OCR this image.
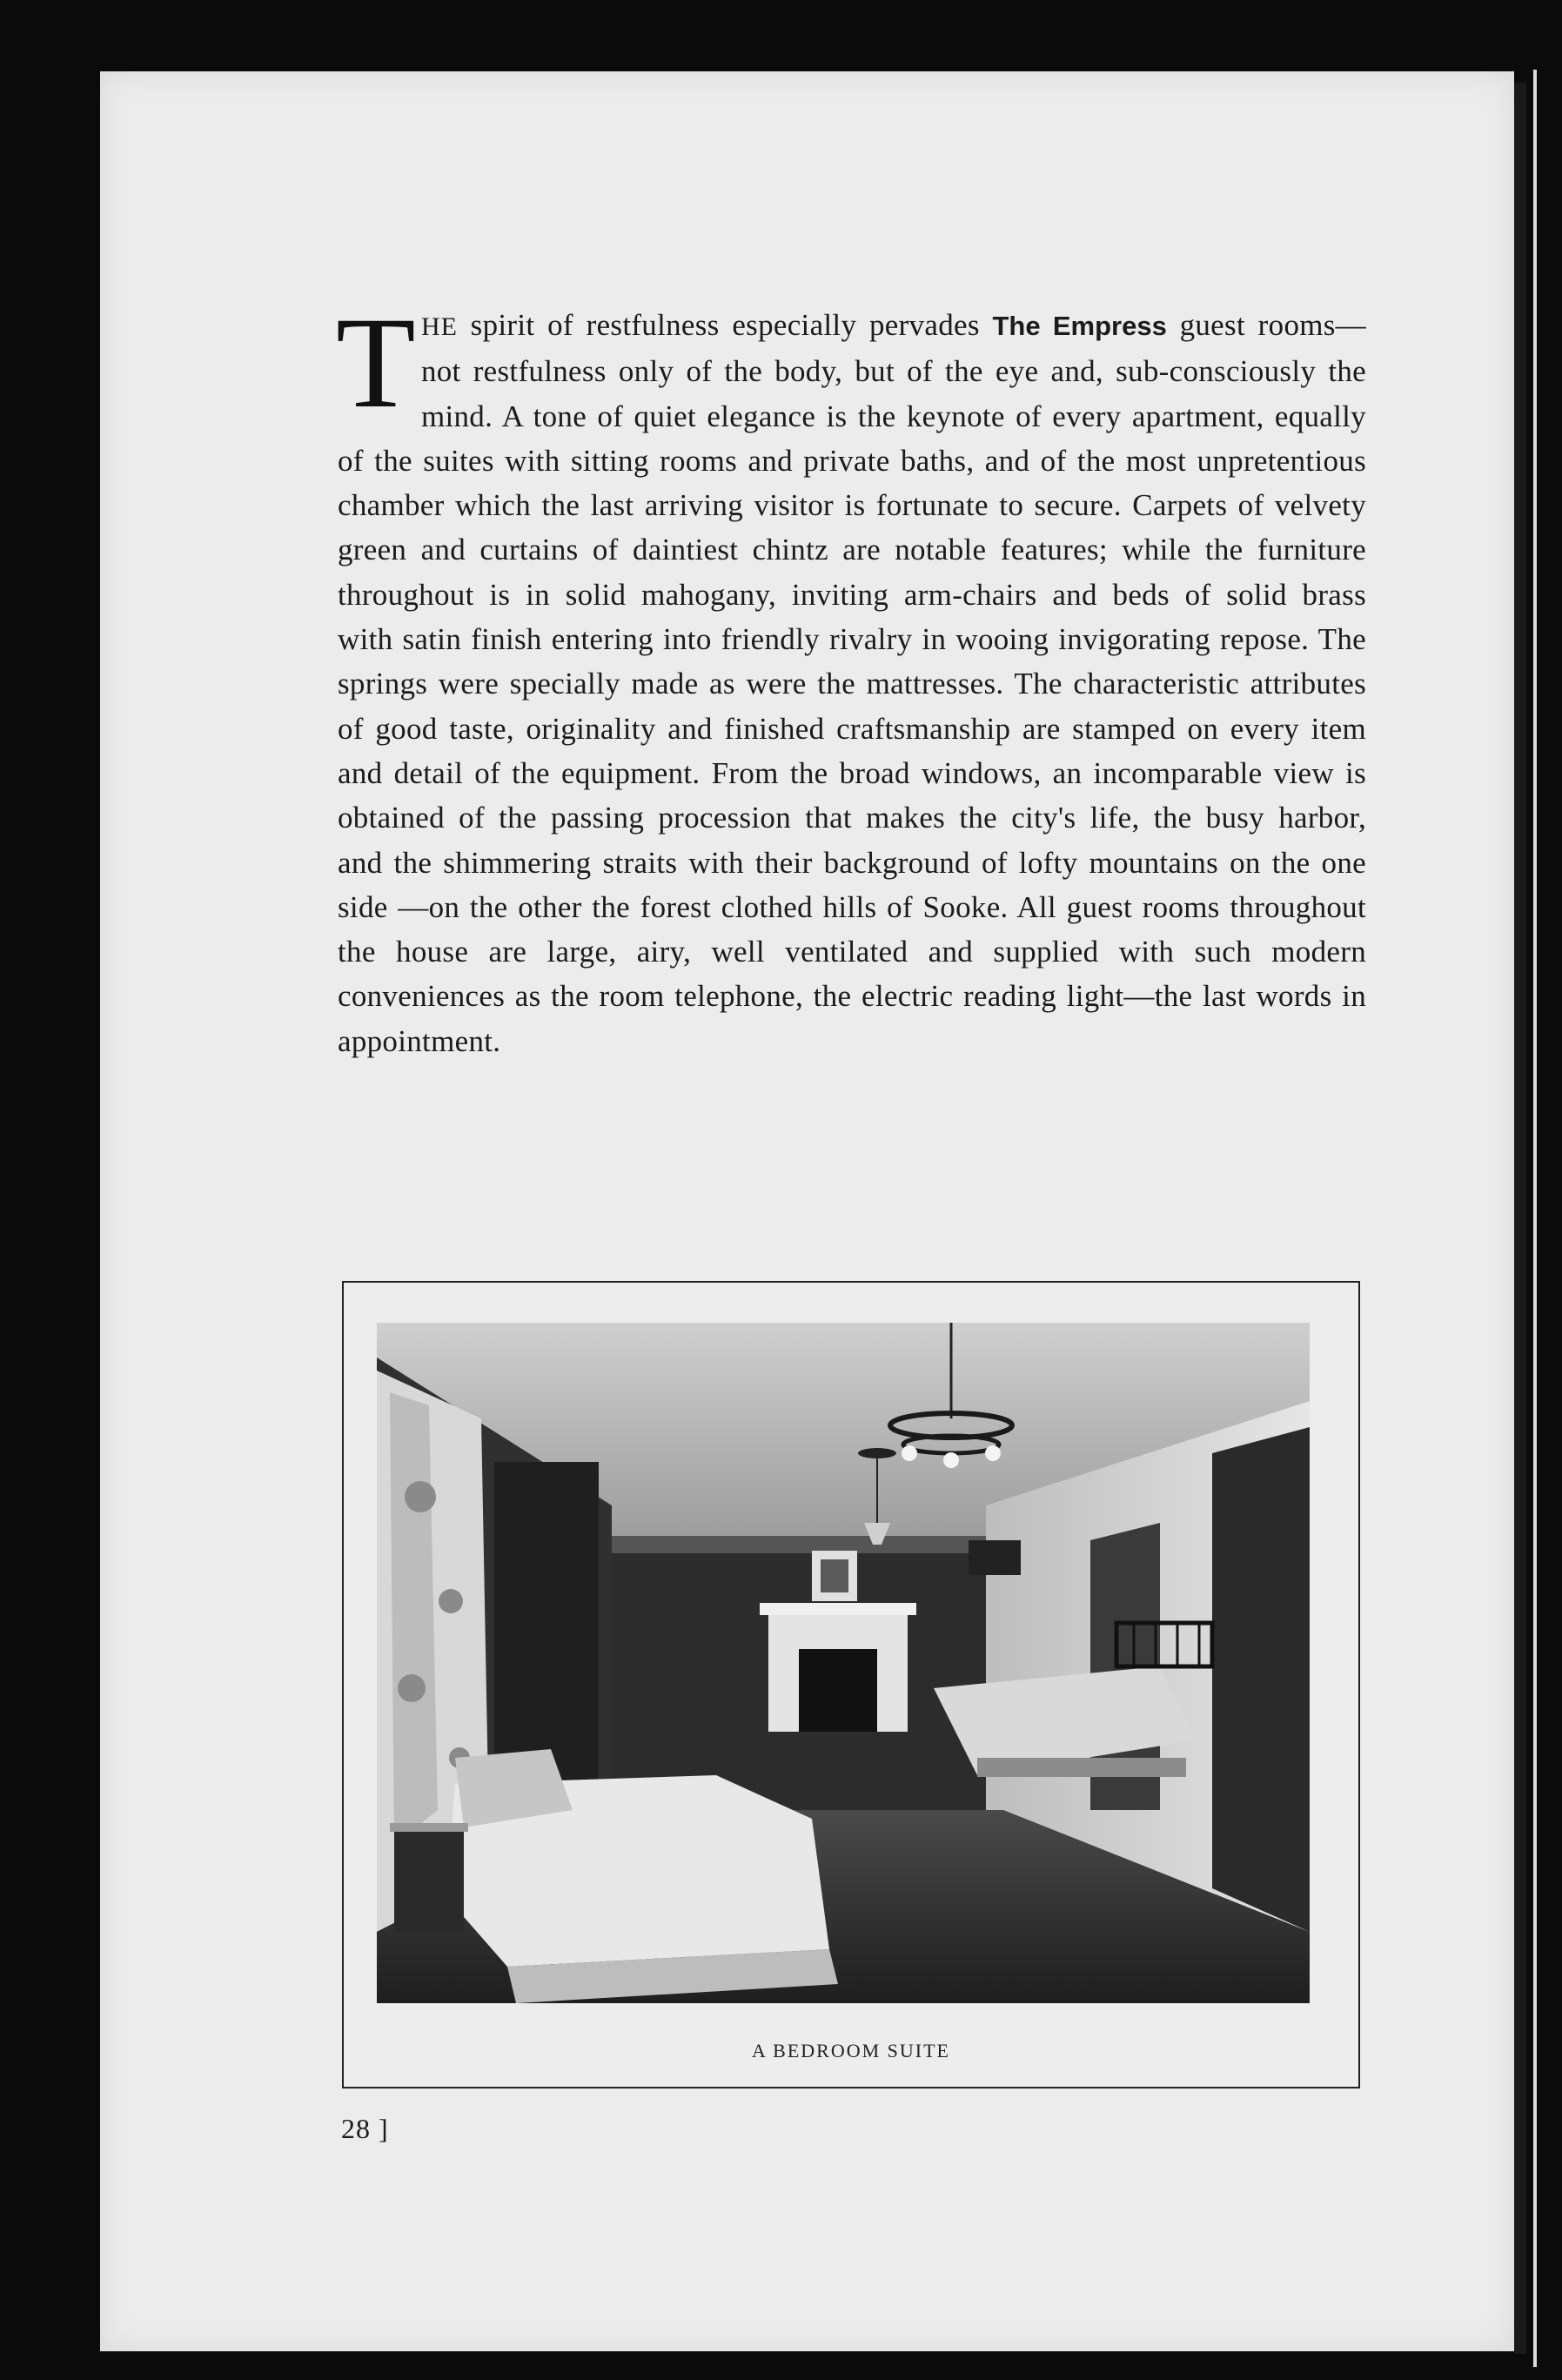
THE spirit of restfulness especially pervades The Empress guest rooms—not restfulness only of the body, but of the eye and, sub-consciously the mind. A tone of quiet elegance is the keynote of every apartment, equally of the suites with sitting rooms and private baths, and of the most unpretentious chamber which the last arriving visitor is fortunate to secure. Carpets of velvety green and curtains of daintiest chintz are notable features; while the furniture throughout is in solid mahogany, inviting arm-chairs and beds of solid brass with satin finish entering into friendly rivalry in wooing invigorating repose. The springs were specially made as were the mattresses. The characteristic attributes of good taste, originality and finished craftsmanship are stamped on every item and detail of the equipment. From the broad windows, an incomparable view is obtained of the passing procession that makes the city's life, the busy harbor, and the shimmering straits with their background of lofty mountains on the one side —on the other the forest clothed hills of Sooke. All guest rooms throughout the house are large, airy, well ventilated and supplied with such modern conveniences as the room telephone, the electric reading light—the last words in appointment.

A BEDROOM SUITE
28 ]
